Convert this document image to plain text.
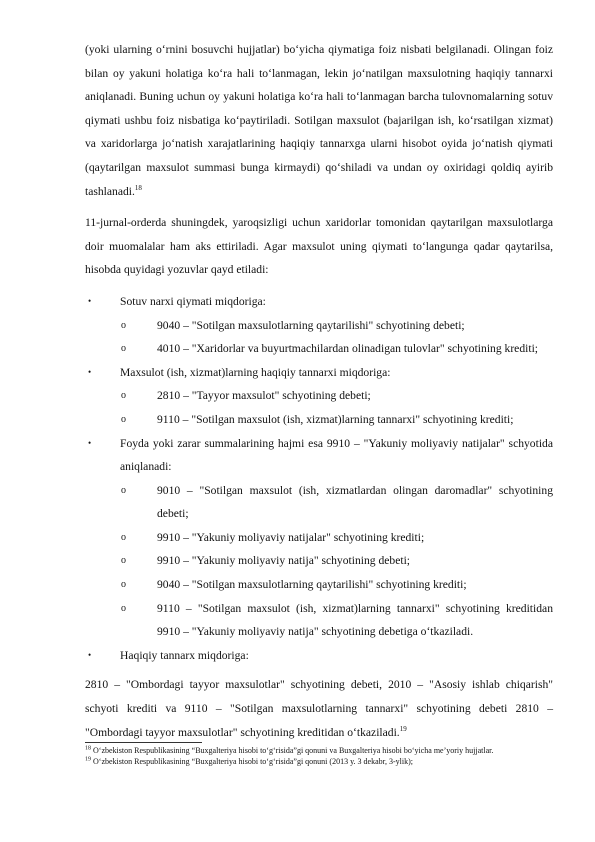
(yoki ularning o‘rnini bosuvchi hujjatlar) bo‘yicha qiymatiga foiz nisbati belgilanadi. Olingan foiz bilan oy yakuni holatiga ko‘ra hali to‘lanmagan, lekin jo‘natilgan maxsulotning haqiqiy tannarxi aniqlanadi. Buning uchun oy yakuni holatiga ko‘ra hali to‘lanmagan barcha tulovnomalarning sotuv qiymati ushbu foiz nisbatiga ko‘paytiriladi. Sotilgan maxsulot (bajarilgan ish, ko‘rsatilgan xizmat) va xaridorlarga jo‘natish xarajatlarining haqiqiy tannarxga ularni hisobot oyida jo‘natish qiymati (qaytarilgan maxsulot summasi bunga kirmaydi) qo‘shiladi va undan oy oxiridagi qoldiq ayirib tashlanadi.$^{18}$

11-jurnal-orderda shuningdek, yaroqsizligi uchun xaridorlar tomonidan qaytarilgan maxsulotlarga doir muomalalar ham aks ettiriladi. Agar maxsulot uning qiymati to‘langunga qadar qaytarilsa, hisobda quyidagi yozuvlar qayd etiladi:

• Sotuv narxi qiymati miqdoriga:
o	9040 – "Sotilgan maxsulotlarning qaytarilishi" schyotining debeti;
o	4010 – "Xaridorlar va buyurtmachilardan olinadigan tulovlar" schyotining krediti;
• Maxsulot (ish, xizmat)larning haqiqiy tannarxi miqdoriga:
o	2810 – "Tayyor maxsulot" schyotining debeti;
o	9110 – "Sotilgan maxsulot (ish, xizmat)larning tannarxi" schyotining krediti;
• Foyda yoki zarar summalarining hajmi esa 9910 – "Yakuniy moliyaviy natijalar" schyotida aniqlanadi:
o	9010 – "Sotilgan maxsulot (ish, xizmatlardan olingan daromadlar" schyotining debeti;
o	9910 – "Yakuniy moliyaviy natijalar" schyotining krediti;
o	9910 – "Yakuniy moliyaviy natija" schyotining debeti;
o	9040 – "Sotilgan maxsulotlarning qaytarilishi" schyotining krediti;
o	9110 – "Sotilgan maxsulot (ish, xizmat)larning tannarxi" schyotining kreditidan 9910 – "Yakuniy moliyaviy natija" schyotining debetiga o‘tkaziladi.
• Haqiqiy tannarx miqdoriga:

2810 – "Ombordagi tayyor maxsulotlar" schyotining debeti, 2010 – "Asosiy ishlab chiqarish" schyoti krediti va 9110 – "Sotilgan maxsulotlarning tannarxi" schyotining debeti 2810 – "Ombordagi tayyor maxsulotlar" schyotining kreditidan o‘tkaziladi.$^{19}$

$^{18}$ O‘zbekiston Respublikasining “Buxgalteriya hisobi to‘g‘risida”gi qonuni va Buxgalteriya hisobi bo‘yicha me’yoriy hujjatlar.
$^{19}$ O‘zbekiston Respublikasining “Buxgalteriya hisobi to‘g‘risida”gi qonuni (2013 y. 3 dekabr, 3-ylik);
